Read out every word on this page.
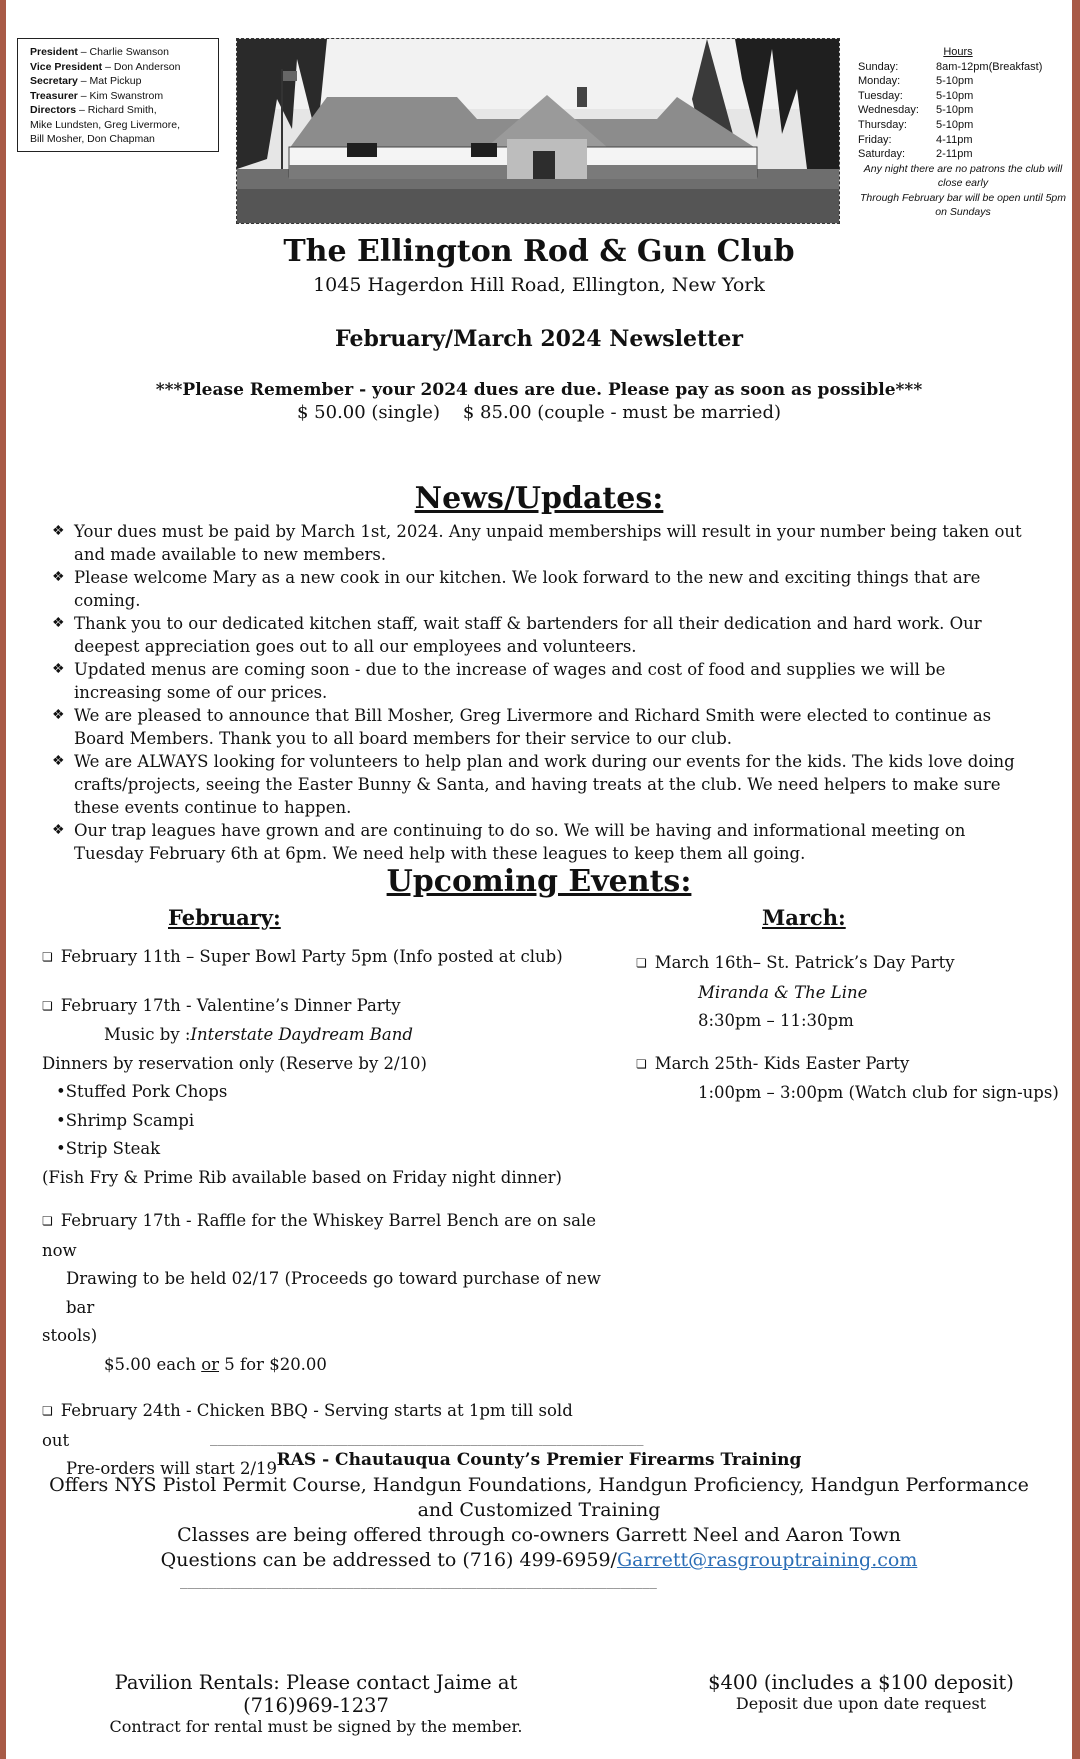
President – Charlie Swanson
Vice President – Don Anderson
Secretary – Mat Pickup
Treasurer – Kim Swanstrom
Directors – Richard Smith,
Mike Lundsten, Greg Livermore,
Bill Mosher, Don Chapman
Hours
Sunday:	8am-12pm(Breakfast)
Monday:	5-10pm
Tuesday:	5-10pm
Wednesday:	5-10pm
Thursday:	5-10pm
Friday:	4-11pm
Saturday:	2-11pm
Any night there are no patrons the club will close early
Through February bar will be open until 5pm on Sundays
The Ellington Rod & Gun Club
1045 Hagerdon Hill Road, Ellington, New York
February/March 2024 Newsletter
***Please Remember - your 2024 dues are due. Please pay as soon as possible***
$ 50.00 (single)    $ 85.00 (couple - must be married)
News/Updates:
❖ Your dues must be paid by March 1st, 2024. Any unpaid memberships will result in your number being taken out and made available to new members.
❖ Please welcome Mary as a new cook in our kitchen. We look forward to the new and exciting things that are coming.
❖ Thank you to our dedicated kitchen staff, wait staff & bartenders for all their dedication and hard work. Our deepest appreciation goes out to all our employees and volunteers.
❖ Updated menus are coming soon - due to the increase of wages and cost of food and supplies we will be increasing some of our prices.
❖ We are pleased to announce that Bill Mosher, Greg Livermore and Richard Smith were elected to continue as Board Members. Thank you to all board members for their service to our club.
❖ We are ALWAYS looking for volunteers to help plan and work during our events for the kids. The kids love doing crafts/projects, seeing the Easter Bunny & Santa, and having treats at the club. We need helpers to make sure these events continue to happen.
❖ Our trap leagues have grown and are continuing to do so. We will be having and informational meeting on Tuesday February 6th at 6pm. We need help with these leagues to keep them all going.
Upcoming Events:
February:	March:
❏ February 11th – Super Bowl Party 5pm (Info posted at club)
❏ February 17th - Valentine’s Dinner Party
Music by :Interstate Daydream Band
Dinners by reservation only (Reserve by 2/10)
•Stuffed Pork Chops
•Shrimp Scampi
•Strip Steak
(Fish Fry & Prime Rib available based on Friday night dinner)
❏ February 17th - Raffle for the Whiskey Barrel Bench are on sale now
Drawing to be held 02/17 (Proceeds go toward purchase of new bar
stools)
$5.00 each or 5 for $20.00
❏ February 24th - Chicken BBQ - Serving starts at 1pm till sold out
Pre-orders will start 2/19
❏ March 16th– St. Patrick’s Day Party
Miranda & The Line
8:30pm – 11:30pm
❏ March 25th- Kids Easter Party
1:00pm – 3:00pm (Watch club for sign-ups)
____________________________________________________________
RAS - Chautauqua County’s Premier Firearms Training
Offers NYS Pistol Permit Course, Handgun Foundations, Handgun Proficiency, Handgun Performance
and Customized Training
Classes are being offered through co-owners Garrett Neel and Aaron Town
Questions can be addressed to (716) 499-6959/Garrett@rasgrouptraining.com
__________________________________________________________________
Pavilion Rentals: Please contact Jaime at (716)969-1237
Contract for rental must be signed by the member.
$400 (includes a $100 deposit)
Deposit due upon date request
